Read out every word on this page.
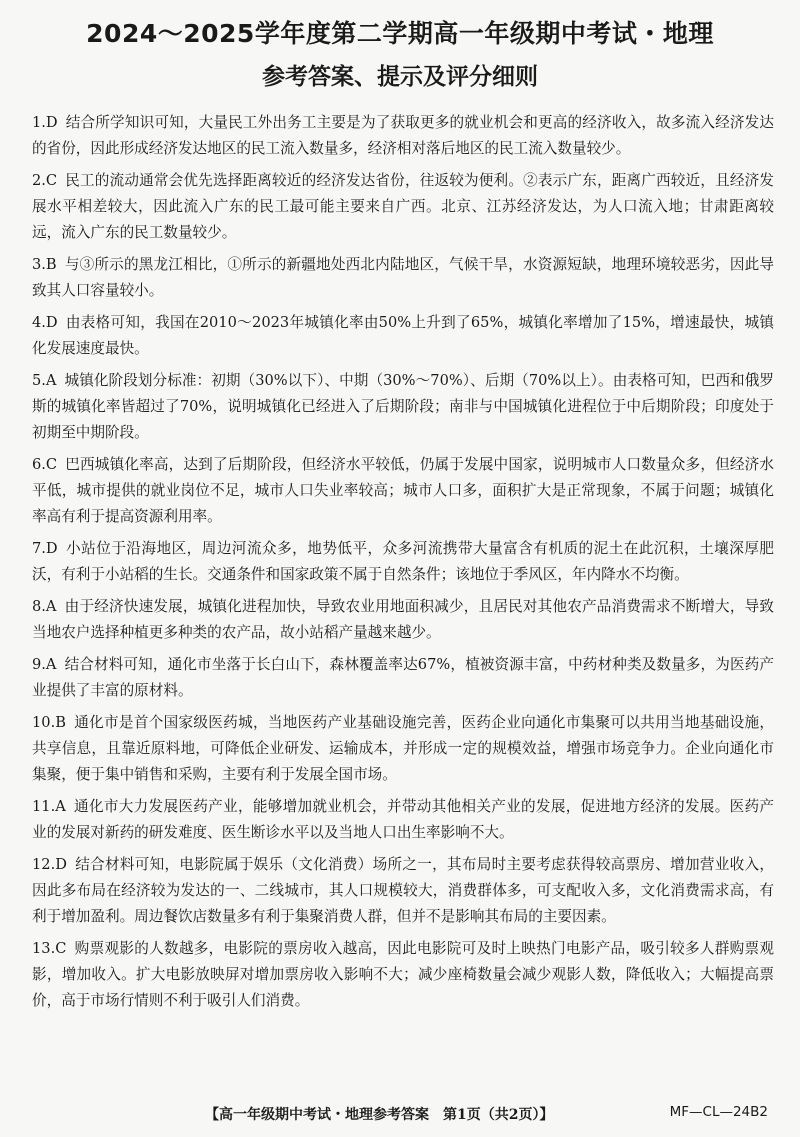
2024～2025学年度第二学期高一年级期中考试・地理
参考答案、提示及评分细则

1.D 结合所学知识可知，大量民工外出务工主要是为了获取更多的就业机会和更高的经济收入，故多流入经济发达的省份，因此形成经济发达地区的民工流入数量多，经济相对落后地区的民工流入数量较少。

2.C 民工的流动通常会优先选择距离较近的经济发达省份，往返较为便利。②表示广东，距离广西较近，且经济发展水平相差较大，因此流入广东的民工最可能主要来自广西。北京、江苏经济发达，为人口流入地；甘肃距离较远，流入广东的民工数量较少。

3.B 与③所示的黑龙江相比，①所示的新疆地处西北内陆地区，气候干旱，水资源短缺，地理环境较恶劣，因此导致其人口容量较小。

4.D 由表格可知，我国在2010～2023年城镇化率由50%上升到了65%，城镇化率增加了15%，增速最快，城镇化发展速度最快。

5.A 城镇化阶段划分标准：初期（30%以下）、中期（30%～70%）、后期（70%以上）。由表格可知，巴西和俄罗斯的城镇化率皆超过了70%，说明城镇化已经进入了后期阶段；南非与中国城镇化进程位于中后期阶段；印度处于初期至中期阶段。

6.C 巴西城镇化率高，达到了后期阶段，但经济水平较低，仍属于发展中国家，说明城市人口数量众多，但经济水平低，城市提供的就业岗位不足，城市人口失业率较高；城市人口多，面积扩大是正常现象，不属于问题；城镇化率高有利于提高资源利用率。

7.D 小站位于沿海地区，周边河流众多，地势低平，众多河流携带大量富含有机质的泥土在此沉积，土壤深厚肥沃，有利于小站稻的生长。交通条件和国家政策不属于自然条件；该地位于季风区，年内降水不均衡。

8.A 由于经济快速发展，城镇化进程加快，导致农业用地面积减少，且居民对其他农产品消费需求不断增大，导致当地农户选择种植更多种类的农产品，故小站稻产量越来越少。

9.A 结合材料可知，通化市坐落于长白山下，森林覆盖率达67%，植被资源丰富，中药材种类及数量多，为医药产业提供了丰富的原材料。

10.B 通化市是首个国家级医药城，当地医药产业基础设施完善，医药企业向通化市集聚可以共用当地基础设施，共享信息，且靠近原料地，可降低企业研发、运输成本，并形成一定的规模效益，增强市场竞争力。企业向通化市集聚，便于集中销售和采购，主要有利于发展全国市场。

11.A 通化市大力发展医药产业，能够增加就业机会，并带动其他相关产业的发展，促进地方经济的发展。医药产业的发展对新药的研发难度、医生断诊水平以及当地人口出生率影响不大。

12.D 结合材料可知，电影院属于娱乐（文化消费）场所之一，其布局时主要考虑获得较高票房、增加营业收入，因此多布局在经济较为发达的一、二线城市，其人口规模较大，消费群体多，可支配收入多，文化消费需求高，有利于增加盈利。周边餐饮店数量多有利于集聚消费人群，但并不是影响其布局的主要因素。

13.C 购票观影的人数越多，电影院的票房收入越高，因此电影院可及时上映热门电影产品，吸引较多人群购票观影，增加收入。扩大电影放映屏对增加票房收入影响不大；减少座椅数量会减少观影人数，降低收入；大幅提高票价，高于市场行情则不利于吸引人们消费。

【高一年级期中考试・地理参考答案　第1页（共2页）】	MF—CL—24B2
